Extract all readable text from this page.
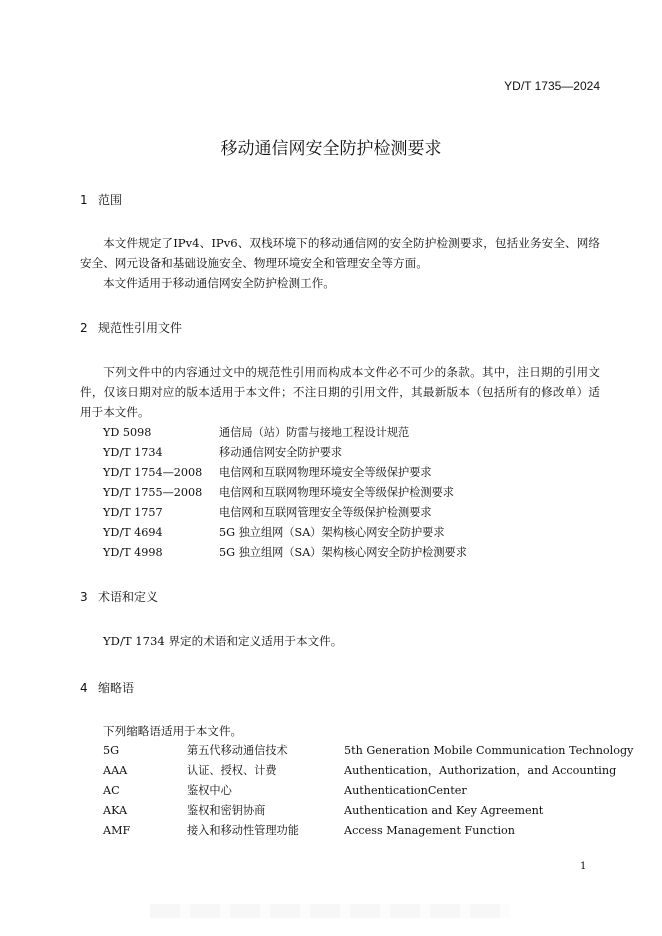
YD/T 1735—2024
移动通信网安全防护检测要求
1 范围
本文件规定了IPv4、IPv6、双栈环境下的移动通信网的安全防护检测要求，包括业务安全、网络安全、网元设备和基础设施安全、物理环境安全和管理安全等方面。
本文件适用于移动通信网安全防护检测工作。
2 规范性引用文件
下列文件中的内容通过文中的规范性引用而构成本文件必不可少的条款。其中，注日期的引用文件，仅该日期对应的版本适用于本文件；不注日期的引用文件，其最新版本（包括所有的修改单）适用于本文件。
YD 5098	通信局（站）防雷与接地工程设计规范
YD/T 1734	移动通信网安全防护要求
YD/T 1754—2008 电信网和互联网物理环境安全等级保护要求
YD/T 1755—2008 电信网和互联网物理环境安全等级保护检测要求
YD/T 1757	电信网和互联网管理安全等级保护检测要求
YD/T 4694	5G 独立组网（SA）架构核心网安全防护要求
YD/T 4998	5G 独立组网（SA）架构核心网安全防护检测要求
3 术语和定义
YD/T 1734 界定的术语和定义适用于本文件。
4 缩略语
下列缩略语适用于本文件。
5G	第五代移动通信技术	5th Generation Mobile Communication Technology
AAA	认证、授权、计费	Authentication，Authorization，and Accounting
AC	鉴权中心	AuthenticationCenter
AKA	鉴权和密钥协商	Authentication and Key Agreement
AMF	接入和移动性管理功能	Access Management Function
1
